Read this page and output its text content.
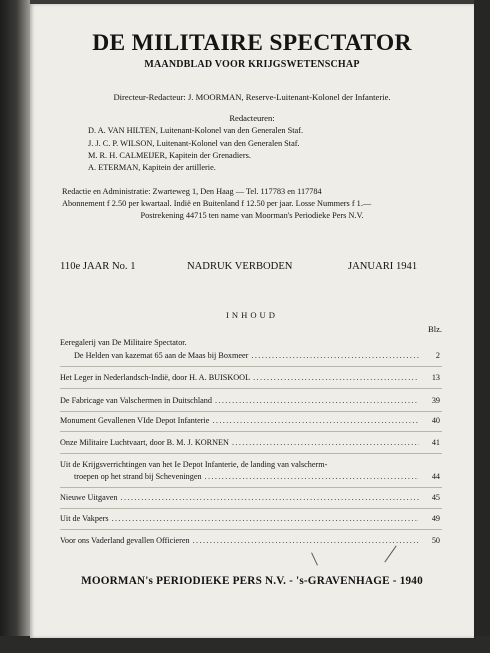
DE MILITAIRE SPECTATOR
MAANDBLAD VOOR KRIJGSWETENSCHAP
Directeur-Redacteur: J. MOORMAN, Reserve-Luitenant-Kolonel der Infanterie.
Redacteuren:
D. A. VAN HILTEN, Luitenant-Kolonel van den Generalen Staf.
J. J. C. P. WILSON, Luitenant-Kolonel van den Generalen Staf.
M. R. H. CALMEIJER, Kapitein der Grenadiers.
A. ETERMAN, Kapitein der artillerie.
Redactie en Administratie: Zwarteweg 1, Den Haag — Tel. 117783 en 117784
Abonnement f 2.50 per kwartaal. Indië en Buitenland f 12.50 per jaar. Losse Nummers f 1.—
Postrekening 44715 ten name van Moorman's Periodieke Pers N.V.
110e JAAR No. 1	NADRUK VERBODEN	JANUARI 1941
INHOUD
Blz.
Eeregalerij van De Militaire Spectator.
De Helden van kazemat 65 aan de Maas bij Boxmeer .....	2
Het Leger in Nederlandsch-Indië, door H. A. BUISKOOL .....	13
De Fabricage van Valschermen in Duitschland .....	39
Monument Gevallenen VIde Depot Infanterie .....	40
Onze Militaire Luchtvaart, door B. M. J. KORNEN .....	41
Uit de Krijgsverrichtingen van het Ie Depot Infanterie, de landing van valscherm-
troepen op het strand bij Scheveningen .....	44
Nieuwe Uitgaven .....	45
Uit de Vakpers .....	49
Voor ons Vaderland gevallen Officieren .....	50
MOORMAN's PERIODIEKE PERS N.V. - 's-GRAVENHAGE - 1940
